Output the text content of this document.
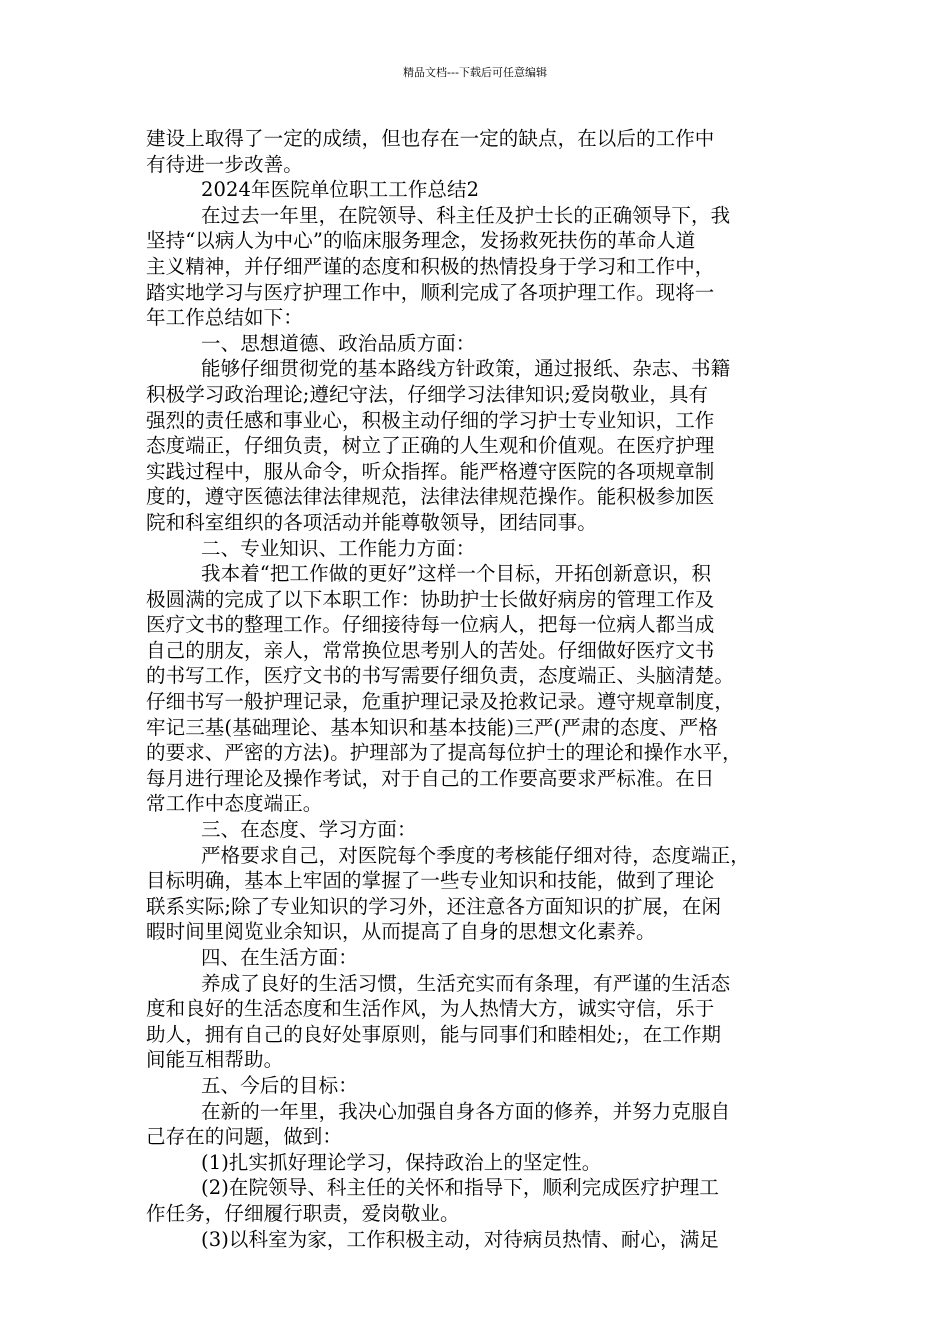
精品文档---下载后可任意编辑
建设上取得了一定的成绩，但也存在一定的缺点，在以后的工作中
有待进一步改善。
2024年医院单位职工工作总结2
在过去一年里，在院领导、科主任及护士长的正确领导下，我
坚持“以病人为中心”的临床服务理念，发扬救死扶伤的革命人道
主义精神，并仔细严谨的态度和积极的热情投身于学习和工作中，
踏实地学习与医疗护理工作中，顺利完成了各项护理工作。现将一
年工作总结如下：
一、思想道德、政治品质方面：
能够仔细贯彻党的基本路线方针政策，通过报纸、杂志、书籍
积极学习政治理论;遵纪守法，仔细学习法律知识;爱岗敬业，具有
强烈的责任感和事业心，积极主动仔细的学习护士专业知识，工作
态度端正，仔细负责，树立了正确的人生观和价值观。在医疗护理
实践过程中，服从命令，听众指挥。能严格遵守医院的各项规章制
度的，遵守医德法律法律规范，法律法律规范操作。能积极参加医
院和科室组织的各项活动并能尊敬领导，团结同事。
二、专业知识、工作能力方面：
我本着“把工作做的更好”这样一个目标，开拓创新意识，积
极圆满的完成了以下本职工作：协助护士长做好病房的管理工作及
医疗文书的整理工作。仔细接待每一位病人，把每一位病人都当成
自己的朋友，亲人，常常换位思考别人的苦处。仔细做好医疗文书
的书写工作，医疗文书的书写需要仔细负责，态度端正、头脑清楚。
仔细书写一般护理记录，危重护理记录及抢救记录。遵守规章制度，
牢记三基(基础理论、基本知识和基本技能)三严(严肃的态度、严格
的要求、严密的方法)。护理部为了提高每位护士的理论和操作水平，
每月进行理论及操作考试，对于自己的工作要高要求严标准。在日
常工作中态度端正。
三、在态度、学习方面：
严格要求自己，对医院每个季度的考核能仔细对待，态度端正，
目标明确，基本上牢固的掌握了一些专业知识和技能，做到了理论
联系实际;除了专业知识的学习外，还注意各方面知识的扩展，在闲
暇时间里阅览业余知识，从而提高了自身的思想文化素养。
四、在生活方面：
养成了良好的生活习惯，生活充实而有条理，有严谨的生活态
度和良好的生活态度和生活作风，为人热情大方，诚实守信，乐于
助人，拥有自己的良好处事原则，能与同事们和睦相处;，在工作期
间能互相帮助。
五、今后的目标：
在新的一年里，我决心加强自身各方面的修养，并努力克服自
己存在的问题，做到：
(1)扎实抓好理论学习，保持政治上的坚定性。
(2)在院领导、科主任的关怀和指导下，顺利完成医疗护理工
作任务，仔细履行职责，爱岗敬业。
(3)以科室为家，工作积极主动，对待病员热情、耐心，满足
